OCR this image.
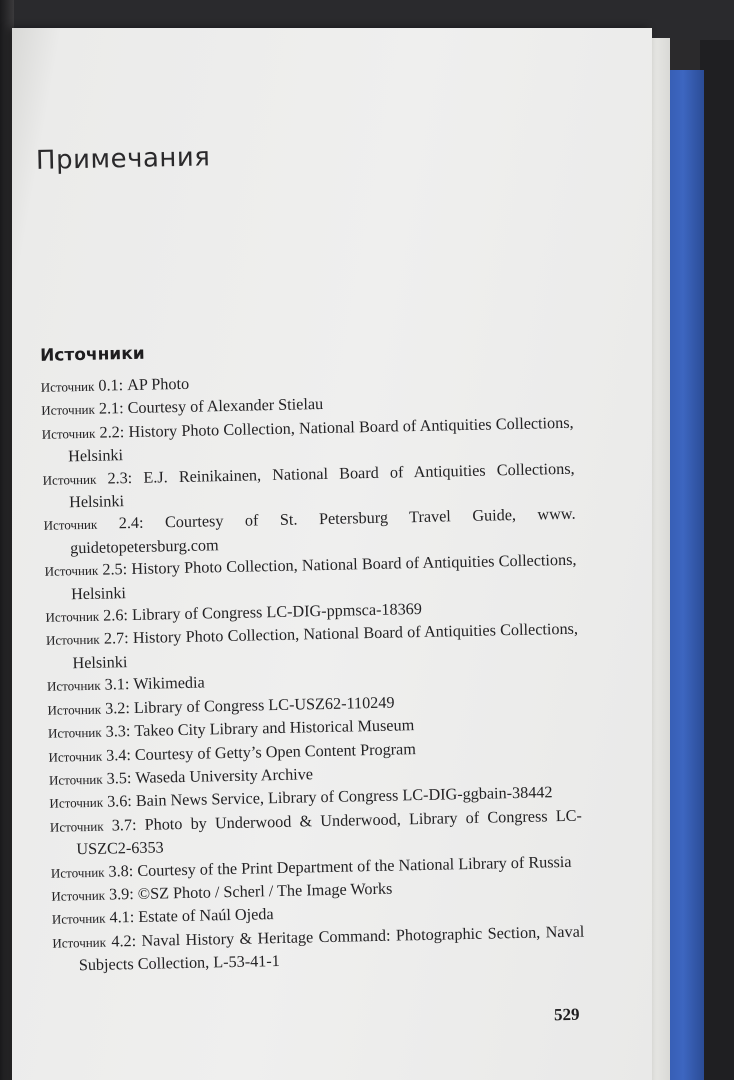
Примечания
Источники
Источник 0.1: AP Photo
Источник 2.1: Courtesy of Alexander Stielau
Источник 2.2: History Photo Collection, National Board of Antiquities Collections, Helsinki
Источник 2.3: E.J. Reinikainen, National Board of Antiquities Collections, Helsinki
Источник 2.4: Courtesy of St. Petersburg Travel Guide, www. guidetopetersburg.com
Источник 2.5: History Photo Collection, National Board of Antiquities Collections, Helsinki
Источник 2.6: Library of Congress LC-DIG-ppmsca-18369
Источник 2.7: History Photo Collection, National Board of Antiquities Collections, Helsinki
Источник 3.1: Wikimedia
Источник 3.2: Library of Congress LC-USZ62-110249
Источник 3.3: Takeo City Library and Historical Museum
Источник 3.4: Courtesy of Getty’s Open Content Program
Источник 3.5: Waseda University Archive
Источник 3.6: Bain News Service, Library of Congress LC-DIG-ggbain-38442
Источник 3.7: Photo by Underwood & Underwood, Library of Congress LC-USZC2-6353
Источник 3.8: Courtesy of the Print Department of the National Library of Russia
Источник 3.9: ©SZ Photo / Scherl / The Image Works
Источник 4.1: Estate of Naúl Ojeda
Источник 4.2: Naval History & Heritage Command: Photographic Section, Naval Subjects Collection, L-53-41-1
529
